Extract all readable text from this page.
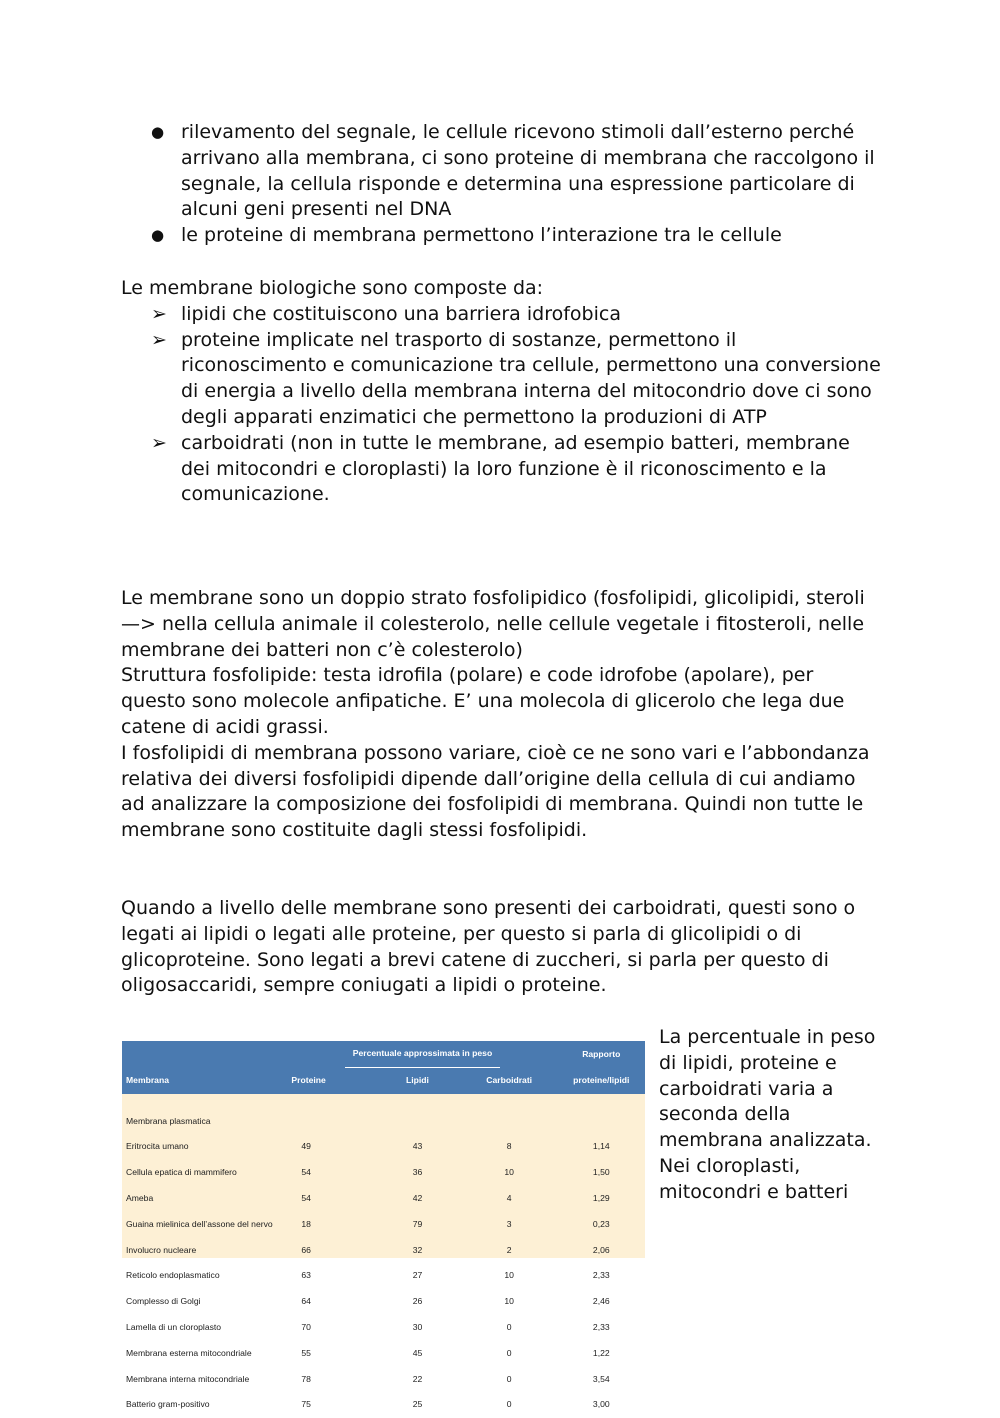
● rilevamento del segnale, le cellule ricevono stimoli dall’esterno perché arrivano alla membrana, ci sono proteine di membrana che raccolgono il segnale, la cellula risponde e determina una espressione particolare di alcuni geni presenti nel DNA
● le proteine di membrana permettono l’interazione tra le cellule

Le membrane biologiche sono composte da:

➢ lipidi che costituiscono una barriera idrofobica
➢ proteine implicate nel trasporto di sostanze, permettono il riconoscimento e comunicazione tra cellule, permettono una conversione di energia a livello della membrana interna del mitocondrio dove ci sono degli apparati enzimatici che permettono la produzioni di ATP
➢ carboidrati (non in tutte le membrane, ad esempio batteri, membrane dei mitocondri e cloroplasti) la loro funzione è il riconoscimento e la comunicazione.

Le membrane sono un doppio strato fosfolipidico (fosfolipidi, glicolipidi, steroli—> nella cellula animale il colesterolo, nelle cellule vegetale i fitosteroli, nelle membrane dei batteri non c’è colesterolo)

Struttura fosfolipide: testa idrofila (polare) e code idrofobe (apolare), per questo sono molecole anfipatiche. E’ una molecola di glicerolo che lega due catene di acidi grassi.

I fosfolipidi di membrana possono variare, cioè ce ne sono vari e l’abbondanza relativa dei diversi fosfolipidi dipende dall’origine della cellula di cui andiamo ad analizzare la composizione dei fosfolipidi di membrana. Quindi non tutte le membrane sono costituite dagli stessi fosfolipidi.

Quando a livello delle membrane sono presenti dei carboidrati, questi sono o legati ai lipidi o legati alle proteine, per questo si parla di glicolipidi o di glicoproteine. Sono legati a brevi catene di zuccheri, si parla per questo di oligosaccaridi, sempre coniugati a lipidi o proteine.

	Percentuale approssimata in peso			Rapporto
Membrana	Proteine	Lipidi	Carboidrati	proteine/lipidi

Membrana plasmatica				
Eritrocita umano	49	43	8	1,14
Cellula epatica di mammifero	54	36	10	1,50
Ameba	54	42	4	1,29
Guaina mielinica dell’assone del nervo	18	79	3	0,23
Involucro nucleare	66	32	2	2,06
Reticolo endoplasmatico	63	27	10	2,33
Complesso di Golgi	64	26	10	2,46
Lamella di un cloroplasto	70	30	0	2,33
Membrana esterna mitocondriale	55	45	0	1,22
Membrana interna mitocondriale	78	22	0	3,54
Batterio gram-positivo	75	25	0	3,00
La percentuale in peso di lipidi, proteine e carboidrati varia a seconda della membrana analizzata. Nei cloroplasti, mitocondri e batteri
